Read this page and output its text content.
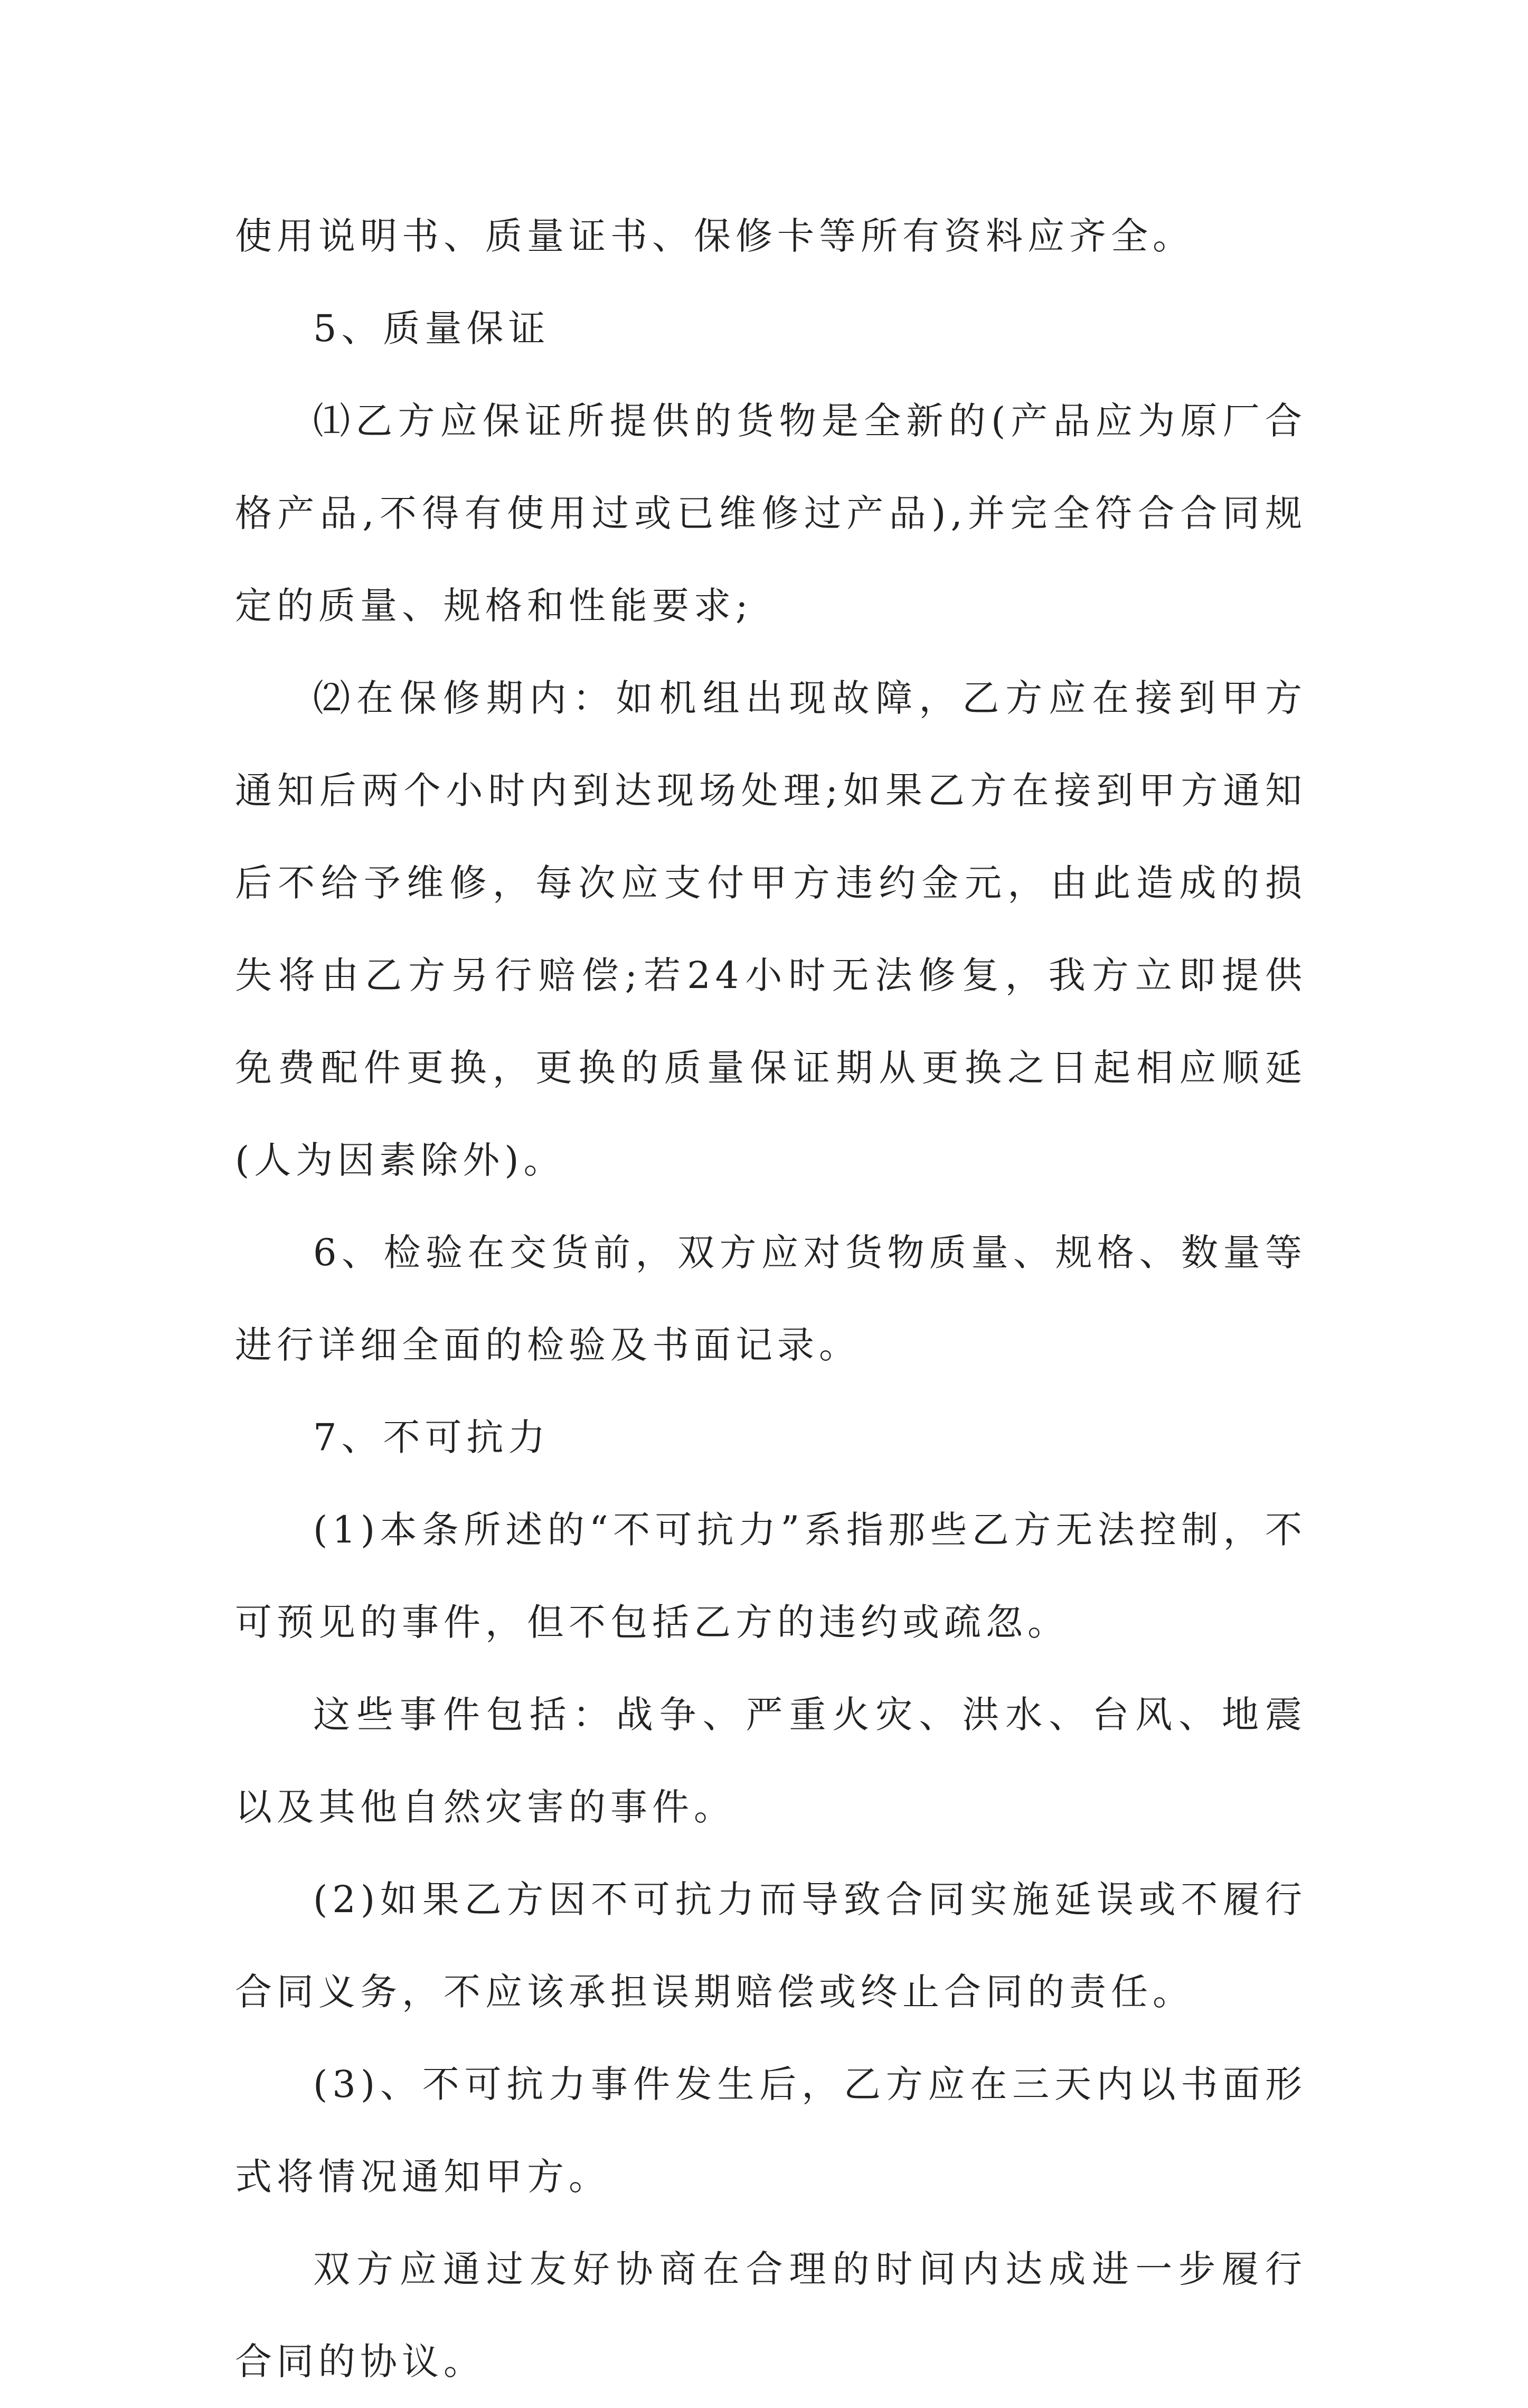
使用说明书、质量证书、保修卡等所有资料应齐全。

5、质量保证

⑴乙方应保证所提供的货物是全新的(产品应为原厂合格产品,不得有使用过或已维修过产品),并完全符合合同规定的质量、规格和性能要求;

⑵在保修期内：如机组出现故障，乙方应在接到甲方通知后两个小时内到达现场处理;如果乙方在接到甲方通知后不给予维修，每次应支付甲方违约金元，由此造成的损失将由乙方另行赔偿;若24小时无法修复，我方立即提供免费配件更换，更换的质量保证期从更换之日起相应顺延(人为因素除外)。

6、检验在交货前，双方应对货物质量、规格、数量等进行详细全面的检验及书面记录。

7、不可抗力

(1)本条所述的“不可抗力”系指那些乙方无法控制，不可预见的事件，但不包括乙方的违约或疏忽。

这些事件包括：战争、严重火灾、洪水、台风、地震以及其他自然灾害的事件。

(2)如果乙方因不可抗力而导致合同实施延误或不履行合同义务，不应该承担误期赔偿或终止合同的责任。

(3)、不可抗力事件发生后，乙方应在三天内以书面形式将情况通知甲方。

双方应通过友好协商在合理的时间内达成进一步履行合同的协议。
